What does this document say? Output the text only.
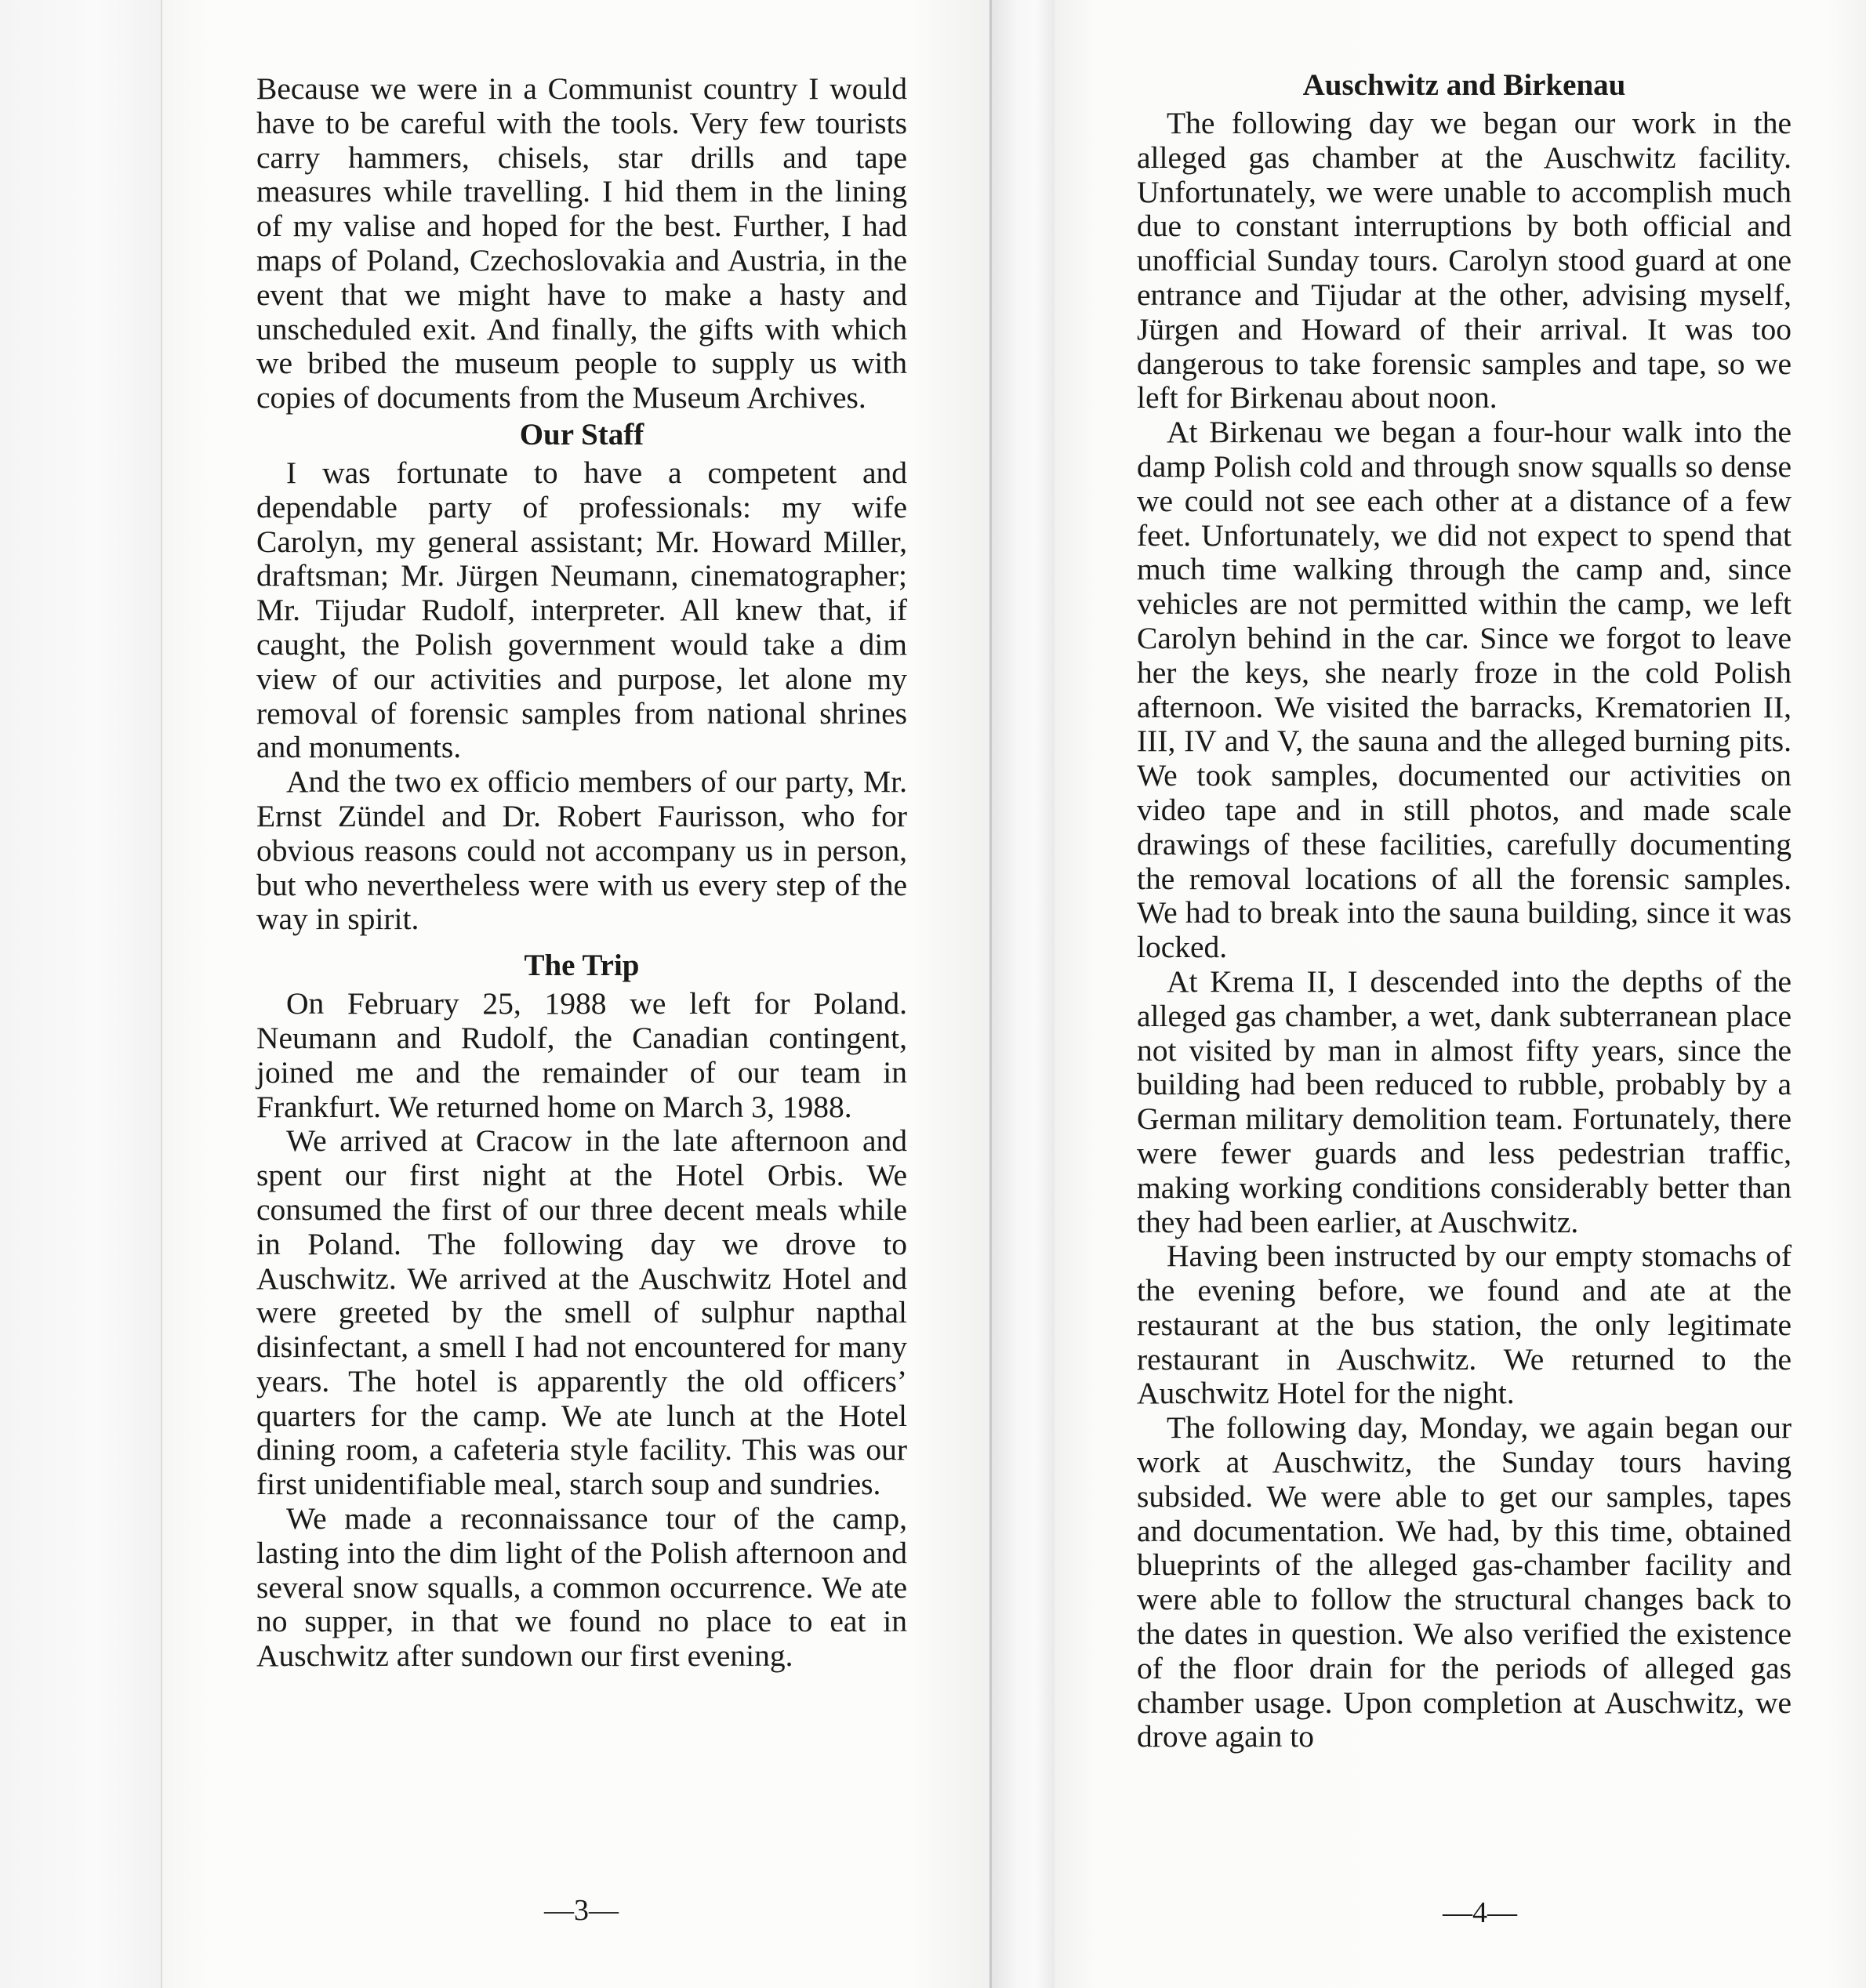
Because we were in a Communist country I would have to be careful with the tools. Very few tourists carry hammers, chisels, star drills and tape measures while travelling. I hid them in the lining of my valise and hoped for the best. Further, I had maps of Poland, Czechoslovakia and Austria, in the event that we might have to make a hasty and unscheduled exit. And finally, the gifts with which we bribed the museum people to supply us with copies of documents from the Museum Archives.

Our Staff

I was fortunate to have a competent and dependable party of professionals: my wife Carolyn, my general assistant; Mr. Howard Miller, draftsman; Mr. Jürgen Neumann, cinematographer; Mr. Tijudar Rudolf, interpreter. All knew that, if caught, the Polish government would take a dim view of our activities and purpose, let alone my removal of forensic samples from national shrines and monuments.

And the two ex officio members of our party, Mr. Ernst Zündel and Dr. Robert Faurisson, who for obvious reasons could not accompany us in person, but who nevertheless were with us every step of the way in spirit.

The Trip

On February 25, 1988 we left for Poland. Neumann and Rudolf, the Canadian contingent, joined me and the remainder of our team in Frankfurt. We returned home on March 3, 1988.

We arrived at Cracow in the late afternoon and spent our first night at the Hotel Orbis. We consumed the first of our three decent meals while in Poland. The following day we drove to Auschwitz. We arrived at the Auschwitz Hotel and were greeted by the smell of sulphur napthal disinfectant, a smell I had not encountered for many years. The hotel is apparently the old officers’ quarters for the camp. We ate lunch at the Hotel dining room, a cafeteria style facility. This was our first unidentifiable meal, starch soup and sundries.

We made a reconnaissance tour of the camp, lasting into the dim light of the Polish afternoon and several snow squalls, a common occurrence. We ate no supper, in that we found no place to eat in Auschwitz after sundown our first evening.

—3—
Auschwitz and Birkenau

The following day we began our work in the alleged gas chamber at the Auschwitz facility. Unfortunately, we were unable to accomplish much due to constant interruptions by both official and unofficial Sunday tours. Carolyn stood guard at one entrance and Tijudar at the other, advising myself, Jürgen and Howard of their arrival. It was too dangerous to take forensic samples and tape, so we left for Birkenau about noon.

At Birkenau we began a four-hour walk into the damp Polish cold and through snow squalls so dense we could not see each other at a distance of a few feet. Unfortunately, we did not expect to spend that much time walking through the camp and, since vehicles are not permitted within the camp, we left Carolyn behind in the car. Since we forgot to leave her the keys, she nearly froze in the cold Polish afternoon. We visited the barracks, Krematorien II, III, IV and V, the sauna and the alleged burning pits. We took samples, documented our activities on video tape and in still photos, and made scale drawings of these facilities, carefully documenting the removal locations of all the forensic samples. We had to break into the sauna building, since it was locked.

At Krema II, I descended into the depths of the alleged gas chamber, a wet, dank subterranean place not visited by man in almost fifty years, since the building had been reduced to rubble, probably by a German military demolition team. Fortunately, there were fewer guards and less pedestrian traffic, making working conditions considerably better than they had been earlier, at Auschwitz.

Having been instructed by our empty stomachs of the evening before, we found and ate at the restaurant at the bus station, the only legitimate restaurant in Auschwitz. We returned to the Auschwitz Hotel for the night.

The following day, Monday, we again began our work at Auschwitz, the Sunday tours having subsided. We were able to get our samples, tapes and documentation. We had, by this time, obtained blueprints of the alleged gas-chamber facility and were able to follow the structural changes back to the dates in question. We also verified the existence of the floor drain for the periods of alleged gas chamber usage. Upon completion at Auschwitz, we drove again to

—4—
